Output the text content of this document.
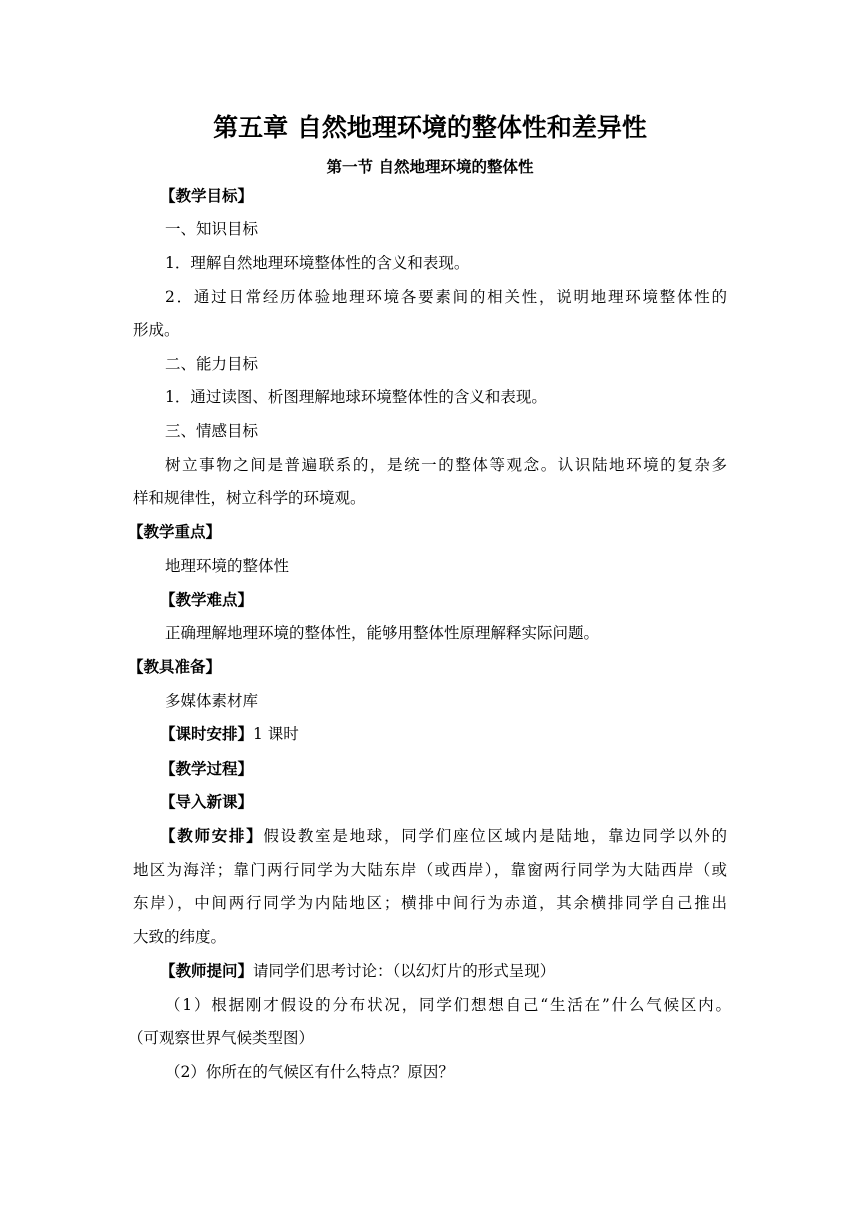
第五章 自然地理环境的整体性和差异性
第一节 自然地理环境的整体性
【教学目标】
一、知识目标
1．理解自然地理环境整体性的含义和表现。
2．通过日常经历体验地理环境各要素间的相关性，说明地理环境整体性的
形成。
二、能力目标
1．通过读图、析图理解地球环境整体性的含义和表现。
三、情感目标
树立事物之间是普遍联系的，是统一的整体等观念。认识陆地环境的复杂多
样和规律性，树立科学的环境观。
【教学重点】
地理环境的整体性
【教学难点】
正确理解地理环境的整体性，能够用整体性原理解释实际问题。
【教具准备】
多媒体素材库
【课时安排】1 课时
【教学过程】
【导入新课】
【教师安排】假设教室是地球，同学们座位区域内是陆地，靠边同学以外的
地区为海洋；靠门两行同学为大陆东岸（或西岸），靠窗两行同学为大陆西岸（或
东岸），中间两行同学为内陆地区；横排中间行为赤道，其余横排同学自己推出
大致的纬度。
【教师提问】请同学们思考讨论：（以幻灯片的形式呈现）
（1）根据刚才假设的分布状况，同学们想想自己“生活在”什么气候区内。
（可观察世界气候类型图）
（2）你所在的气候区有什么特点？原因？
